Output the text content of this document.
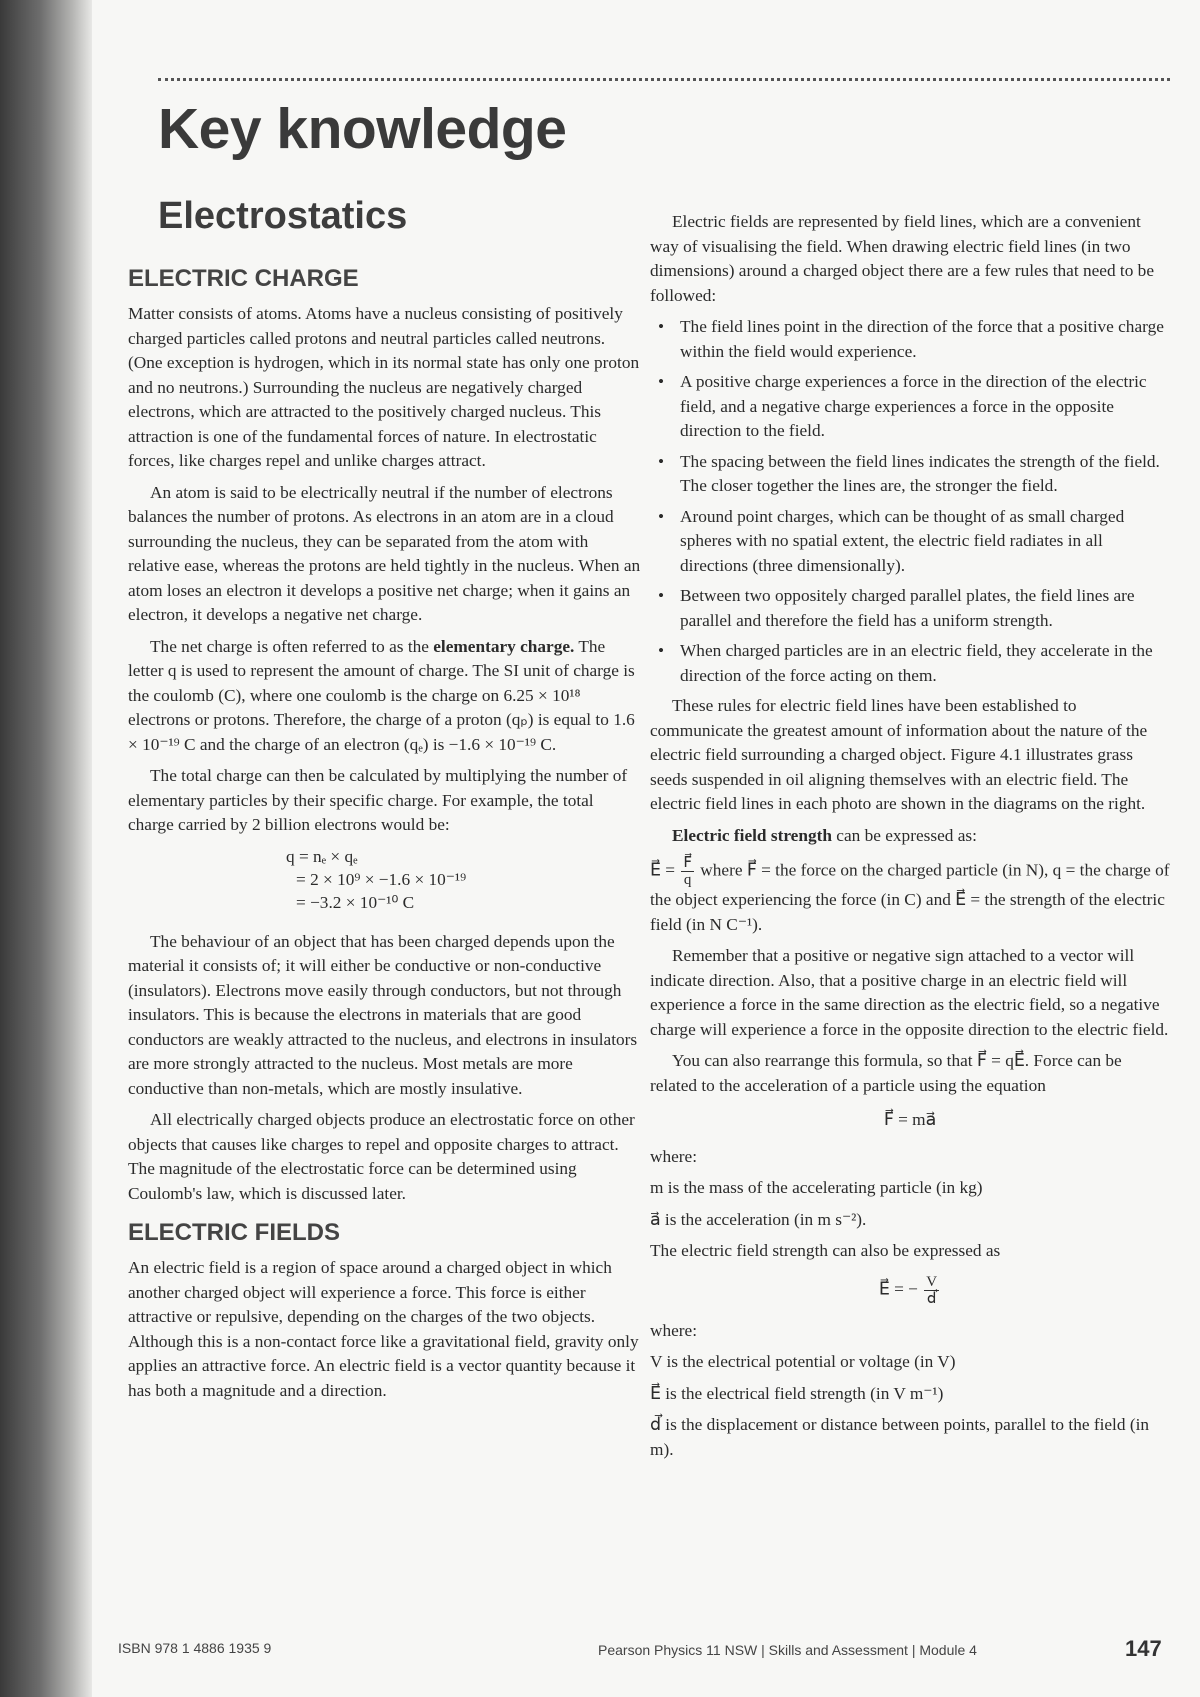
Key knowledge
Electrostatics
ELECTRIC CHARGE

Matter consists of atoms. Atoms have a nucleus consisting of positively charged particles called protons and neutral particles called neutrons. (One exception is hydrogen, which in its normal state has only one proton and no neutrons.) Surrounding the nucleus are negatively charged electrons, which are attracted to the positively charged nucleus. This attraction is one of the fundamental forces of nature. In electrostatic forces, like charges repel and unlike charges attract.

An atom is said to be electrically neutral if the number of electrons balances the number of protons. As electrons in an atom are in a cloud surrounding the nucleus, they can be separated from the atom with relative ease, whereas the protons are held tightly in the nucleus. When an atom loses an electron it develops a positive net charge; when it gains an electron, it develops a negative net charge.

The net charge is often referred to as the elementary charge. The letter q is used to represent the amount of charge. The SI unit of charge is the coulomb (C), where one coulomb is the charge on 6.25 × 10¹⁸ electrons or protons. Therefore, the charge of a proton (qₚ) is equal to 1.6 × 10⁻¹⁹ C and the charge of an electron (qₑ) is −1.6 × 10⁻¹⁹ C.

The total charge can then be calculated by multiplying the number of elementary particles by their specific charge. For example, the total charge carried by 2 billion electrons would be:

q = nₑ × qₑ
= 2 × 10⁹ × −1.6 × 10⁻¹⁹
= −3.2 × 10⁻¹⁰ C

The behaviour of an object that has been charged depends upon the material it consists of; it will either be conductive or non-conductive (insulators). Electrons move easily through conductors, but not through insulators. This is because the electrons in materials that are good conductors are weakly attracted to the nucleus, and electrons in insulators are more strongly attracted to the nucleus. Most metals are more conductive than non-metals, which are mostly insulative.

All electrically charged objects produce an electrostatic force on other objects that causes like charges to repel and opposite charges to attract. The magnitude of the electrostatic force can be determined using Coulomb's law, which is discussed later.

ELECTRIC FIELDS

An electric field is a region of space around a charged object in which another charged object will experience a force. This force is either attractive or repulsive, depending on the charges of the two objects. Although this is a non-contact force like a gravitational field, gravity only applies an attractive force. An electric field is a vector quantity because it has both a magnitude and a direction.

Electric fields are represented by field lines, which are a convenient way of visualising the field. When drawing electric field lines (in two dimensions) around a charged object there are a few rules that need to be followed:

• The field lines point in the direction of the force that a positive charge within the field would experience.
• A positive charge experiences a force in the direction of the electric field, and a negative charge experiences a force in the opposite direction to the field.
• The spacing between the field lines indicates the strength of the field. The closer together the lines are, the stronger the field.
• Around point charges, which can be thought of as small charged spheres with no spatial extent, the electric field radiates in all directions (three dimensionally).
• Between two oppositely charged parallel plates, the field lines are parallel and therefore the field has a uniform strength.
• When charged particles are in an electric field, they accelerate in the direction of the force acting on them.

These rules for electric field lines have been established to communicate the greatest amount of information about the nature of the electric field surrounding a charged object. Figure 4.1 illustrates grass seeds suspended in oil aligning themselves with an electric field. The electric field lines in each photo are shown in the diagrams on the right.

Electric field strength can be expressed as:

E⃗ = $\frac{F⃗}{q}$ where F⃗ = the force on the charged particle (in N), q = the charge of the object experiencing the force (in C) and E⃗ = the strength of the electric field (in N C⁻¹).

Remember that a positive or negative sign attached to a vector will indicate direction. Also, that a positive charge in an electric field will experience a force in the same direction as the electric field, so a negative charge will experience a force in the opposite direction to the electric field.

You can also rearrange this formula, so that F⃗ = qE⃗. Force can be related to the acceleration of a particle using the equation

F⃗ = ma⃗

where:

m is the mass of the accelerating particle (in kg)

a⃗ is the acceleration (in m s⁻²).

The electric field strength can also be expressed as

E⃗ = − $\frac{V}{d⃗}$

where:

V is the electrical potential or voltage (in V)

E⃗ is the electrical field strength (in V m⁻¹)

d⃗ is the displacement or distance between points, parallel to the field (in m).

ISBN 978 1 4886 1935 9	Pearson Physics 11 NSW | Skills and Assessment | Module 4	147
